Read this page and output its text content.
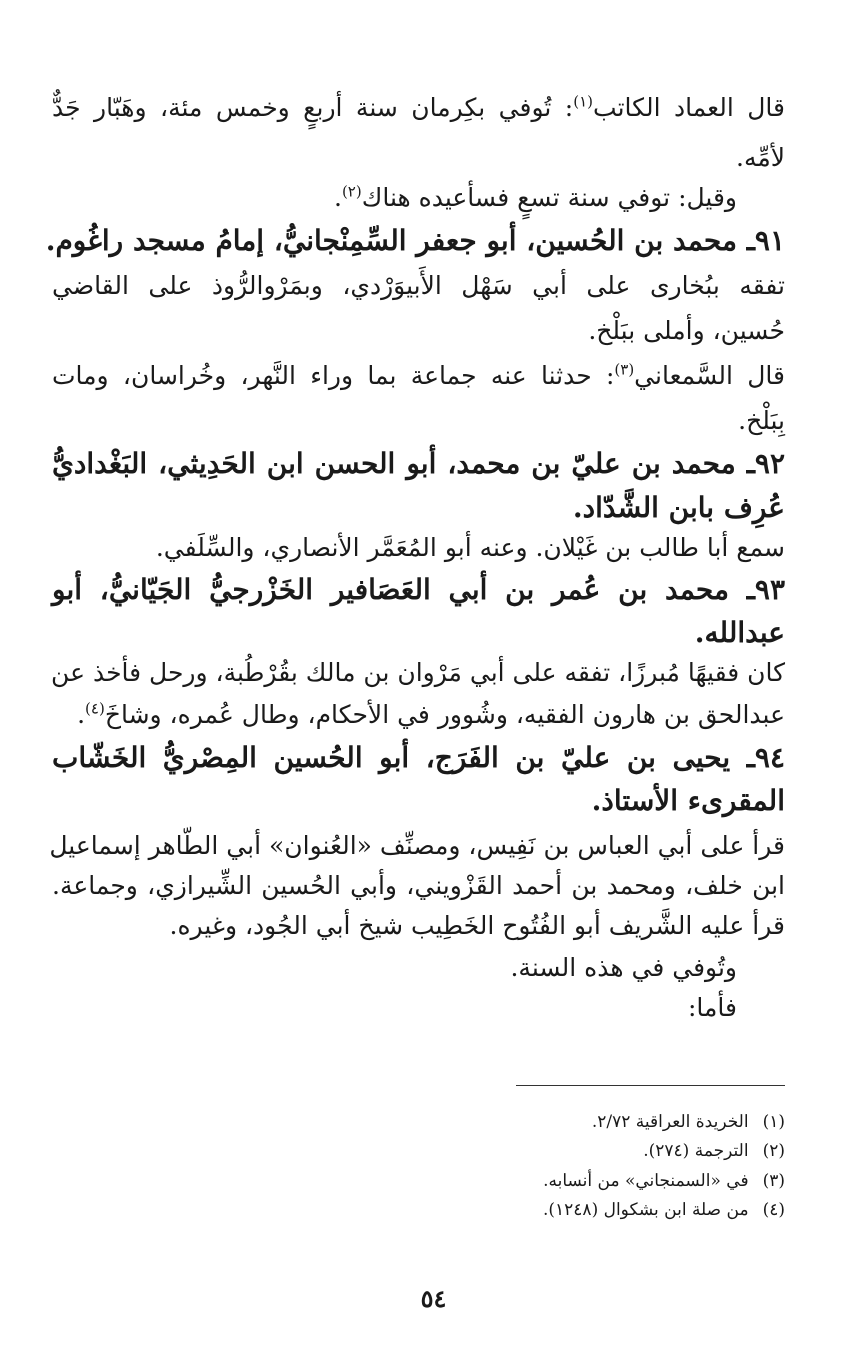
قال العماد الكاتب$^{(١)}$: تُوفي بكِرمان سنة أربعٍ وخمس مئة، وهَبّار جَدٌّ
لأمِّه.
وقيل: توفي سنة تسعٍ فسأعيده هناك$^{(٢)}$.
٩١ـ محمد بن الحُسين، أبو جعفر السِّمِنْجانيُّ، إمامُ مسجد راغُوم.
تفقه ببُخارى على أبي سَهْل الأَبيوَرْدي، وبمَرْوالرُّوذ على القاضي
حُسين، وأملى ببَلْخ.
قال السَّمعاني$^{(٣)}$: حدثنا عنه جماعة بما وراء النَّهر، وخُراسان، ومات
بِبَلْخ.
٩٢ـ محمد بن عليّ بن محمد، أبو الحسن ابن الحَدِيثي، البَغْداديُّ
عُرِف بابن الشَّدّاد.
سمع أبا طالب بن غَيْلان. وعنه أبو المُعَمَّر الأنصاري، والسِّلَفي.
٩٣ـ محمد بن عُمر بن أبي العَصَافير الخَزْرجيُّ الجَيّانيُّ، أبو
عبدالله.
كان فقيهًا مُبرزًا، تفقه على أبي مَرْوان بن مالك بقُرْطُبة، ورحل فأخذ عن
عبدالحق بن هارون الفقيه، وشُوور في الأحكام، وطال عُمره، وشاخَ$^{(٤)}$.
٩٤ـ يحيى بن عليّ بن الفَرَج، أبو الحُسين المِصْريُّ الخَشّاب
المقرىء الأستاذ.
قرأ على أبي العباس بن نَفِيس، ومصنِّف «العُنوان» أبي الطّاهر إسماعيل
ابن خلف، ومحمد بن أحمد القَزْويني، وأبي الحُسين الشِّيرازي، وجماعة.
قرأ عليه الشَّريف أبو الفُتُوح الخَطِيب شيخ أبي الجُود، وغيره.
وتُوفي في هذه السنة.
فأما:
(١)
الخريدة العراقية ٢/٧٢.
(٢)
الترجمة (٢٧٤).
(٣)
في «السمنجاني» من أنسابه.
(٤)
من صلة ابن بشكوال (١٢٤٨).
٥٤
